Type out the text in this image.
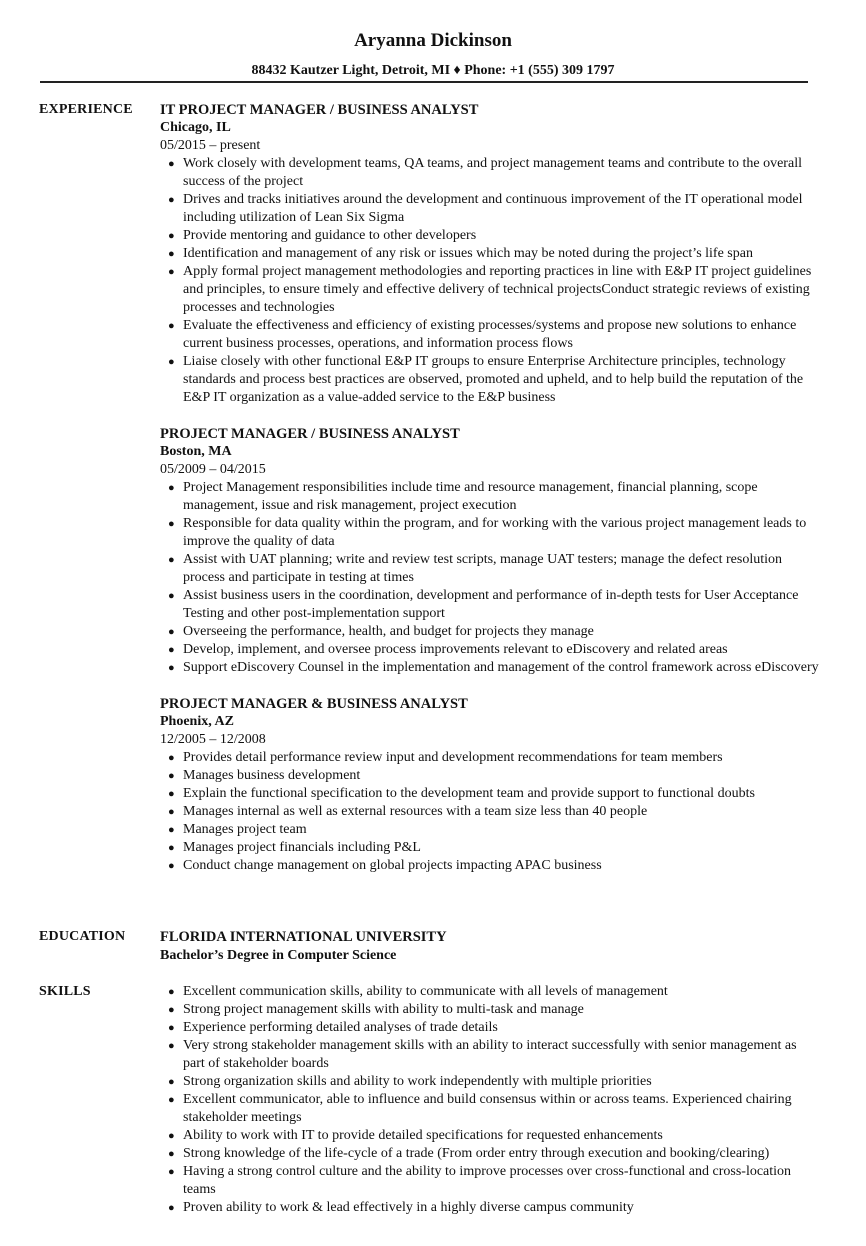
Aryanna Dickinson
88432 Kautzer Light, Detroit, MI ♦ Phone: +1 (555) 309 1797
EXPERIENCE IT PROJECT MANAGER / BUSINESS ANALYST
Chicago, IL
05/2015 – present
● Work closely with development teams, QA teams, and project management teams and contribute to the overall success of the project
● Drives and tracks initiatives around the development and continuous improvement of the IT operational model including utilization of Lean Six Sigma
● Provide mentoring and guidance to other developers
● Identification and management of any risk or issues which may be noted during the project’s life span
● Apply formal project management methodologies and reporting practices in line with E&P IT project guidelines and principles, to ensure timely and effective delivery of technical projectsConduct strategic reviews of existing processes and technologies
● Evaluate the effectiveness and efficiency of existing processes/systems and propose new solutions to enhance current business processes, operations, and information process flows
● Liaise closely with other functional E&P IT groups to ensure Enterprise Architecture principles, technology standards and process best practices are observed, promoted and upheld, and to help build the reputation of the E&P IT organization as a value-added service to the E&P business
PROJECT MANAGER / BUSINESS ANALYST
Boston, MA
05/2009 – 04/2015
● Project Management responsibilities include time and resource management, financial planning, scope management, issue and risk management, project execution
● Responsible for data quality within the program, and for working with the various project management leads to improve the quality of data
● Assist with UAT planning; write and review test scripts, manage UAT testers; manage the defect resolution process and participate in testing at times
● Assist business users in the coordination, development and performance of in-depth tests for User Acceptance Testing and other post-implementation support
● Overseeing the performance, health, and budget for projects they manage
● Develop, implement, and oversee process improvements relevant to eDiscovery and related areas
● Support eDiscovery Counsel in the implementation and management of the control framework across eDiscovery
PROJECT MANAGER & BUSINESS ANALYST
Phoenix, AZ
12/2005 – 12/2008
● Provides detail performance review input and development recommendations for team members
● Manages business development
● Explain the functional specification to the development team and provide support to functional doubts
● Manages internal as well as external resources with a team size less than 40 people
● Manages project team
● Manages project financials including P&L
● Conduct change management on global projects impacting APAC business
EDUCATION FLORIDA INTERNATIONAL UNIVERSITY
Bachelor’s Degree in Computer Science
SKILLS	● Excellent communication skills, ability to communicate with all levels of management
● Strong project management skills with ability to multi-task and manage
● Experience performing detailed analyses of trade details
● Very strong stakeholder management skills with an ability to interact successfully with senior management as part of stakeholder boards
● Strong organization skills and ability to work independently with multiple priorities
● Excellent communicator, able to influence and build consensus within or across teams. Experienced chairing stakeholder meetings
● Ability to work with IT to provide detailed specifications for requested enhancements
● Strong knowledge of the life-cycle of a trade (From order entry through execution and booking/clearing)
● Having a strong control culture and the ability to improve processes over cross-functional and cross-location teams
● Proven ability to work & lead effectively in a highly diverse campus community
